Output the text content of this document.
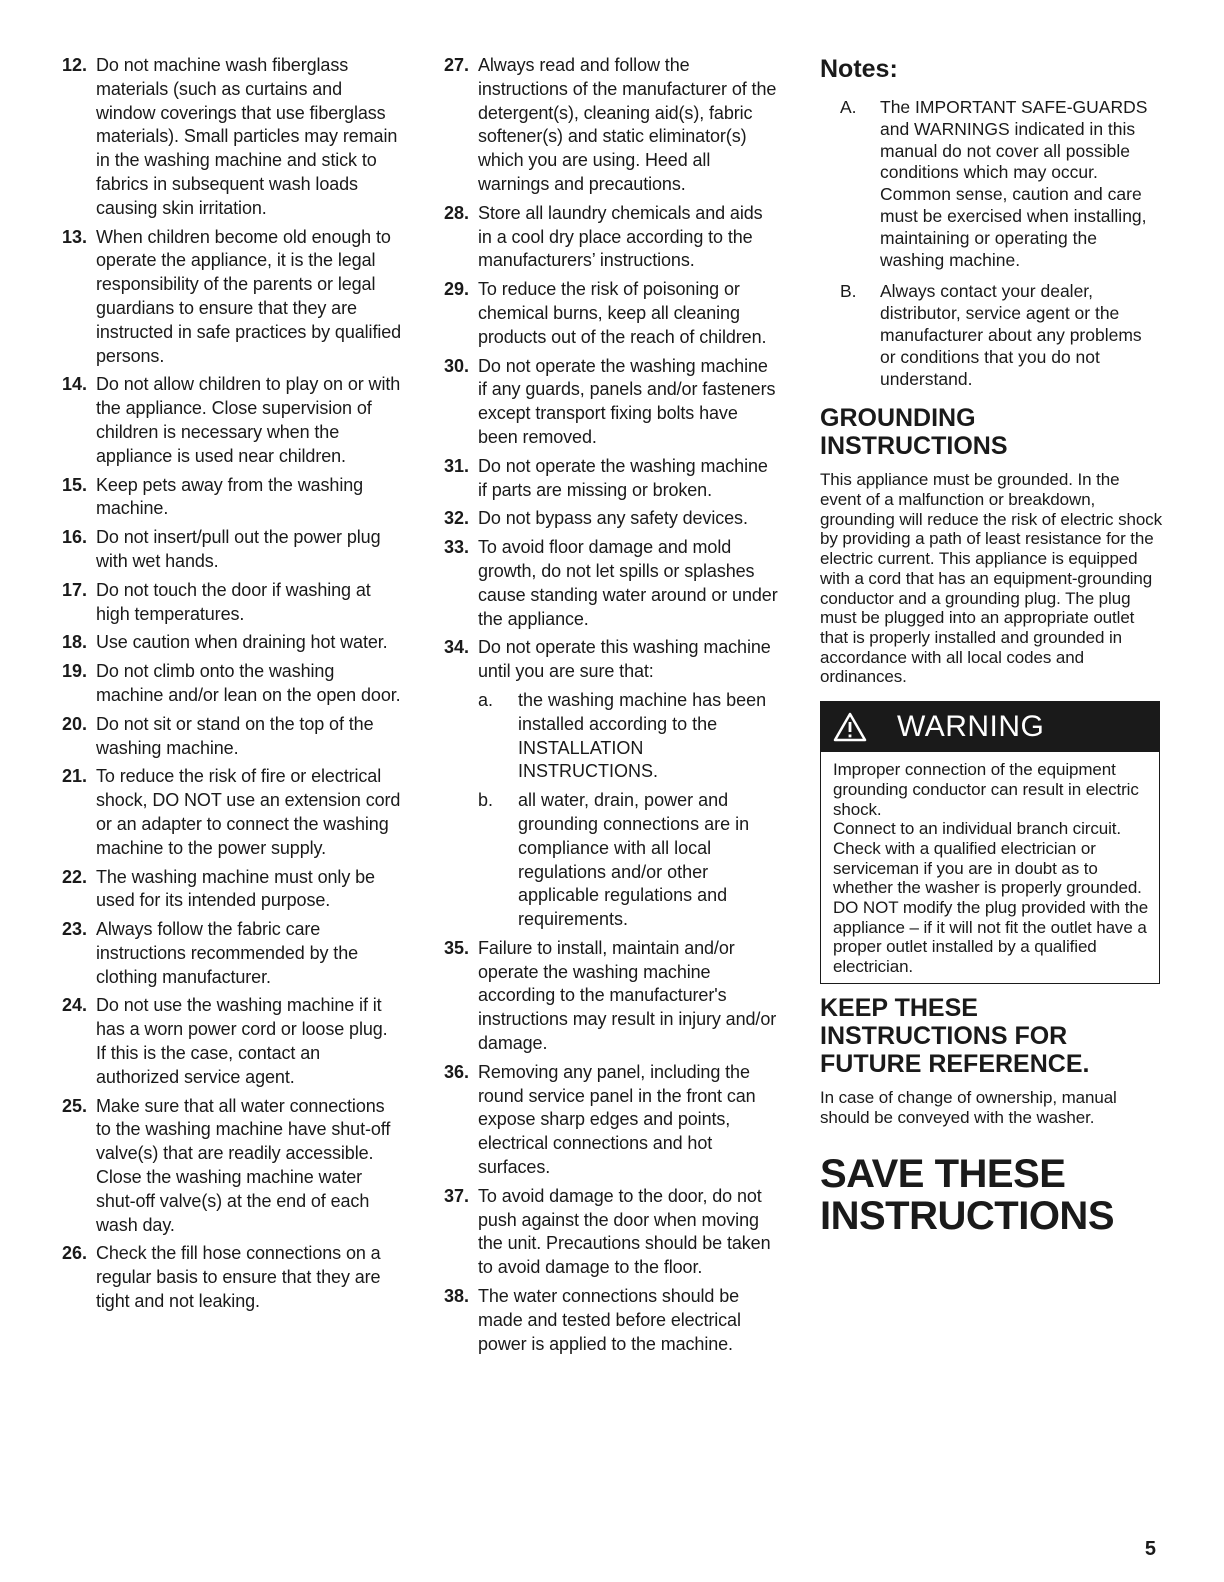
12. Do not machine wash fiberglass materials (such as curtains and window coverings that use fiberglass materials). Small particles may remain in the washing machine and stick to fabrics in subsequent wash loads causing skin irritation.
13. When children become old enough to operate the appliance, it is the legal responsibility of the parents or legal guardians to ensure that they are instructed in safe practices by qualified persons.
14. Do not allow children to play on or with the appliance. Close supervision of children is necessary when the appliance is used near children.
15. Keep pets away from the washing machine.
16. Do not insert/pull out the power plug with wet hands.
17. Do not touch the door if washing at high temperatures.
18. Use caution when draining hot water.
19. Do not climb onto the washing machine and/or lean on the open door.
20. Do not sit or stand on the top of the washing machine.
21. To reduce the risk of fire or electrical shock, DO NOT use an extension cord or an adapter to connect the washing machine to the power supply.
22. The washing machine must only be used for its intended purpose.
23. Always follow the fabric care instructions recommended by the clothing manufacturer.
24. Do not use the washing machine if it has a worn power cord or loose plug. If this is the case, contact an authorized service agent.
25. Make sure that all water connections to the washing machine have shut-off valve(s) that are readily accessible. Close the washing machine water shut-off valve(s) at the end of each wash day.
26. Check the fill hose connections on a regular basis to ensure that they are tight and not leaking.
27. Always read and follow the instructions of the manufacturer of the detergent(s), cleaning aid(s), fabric softener(s) and static eliminator(s) which you are using. Heed all warnings and precautions.
28. Store all laundry chemicals and aids in a cool dry place according to the manufacturers’ instructions.
29. To reduce the risk of poisoning or chemical burns, keep all cleaning products out of the reach of children.
30. Do not operate the washing machine if any guards, panels and/or fasteners except transport fixing bolts have been removed.
31. Do not operate the washing machine if parts are missing or broken.
32. Do not bypass any safety devices.
33. To avoid floor damage and mold growth, do not let spills or splashes cause standing water around or under the appliance.
34. Do not operate this washing machine until you are sure that:
a.	the washing machine has been installed according to the INSTALLATION INSTRUCTIONS.
b.	all water, drain, power and grounding connections are in compliance with all local regulations and/or other applicable regulations and requirements.
35. Failure to install, maintain and/or operate the washing machine according to the manufacturer's instructions may result in injury and/or damage.
36. Removing any panel, including the round service panel in the front can expose sharp edges and points, electrical connections and hot surfaces.
37. To avoid damage to the door, do not push against the door when moving the unit. Precautions should be taken to avoid damage to the floor.
38. The water connections should be made and tested before electrical power is applied to the machine.
Notes:
A.	The IMPORTANT SAFE-GUARDS and WARNINGS indicated in this manual do not cover all possible conditions which may occur. Common sense, caution and care must be exercised when installing, maintaining or operating the washing machine.
B.	Always contact your dealer, distributor, service agent or the manufacturer about any problems or conditions that you do not understand.
GROUNDING
INSTRUCTIONS
This appliance must be grounded. In the event of a malfunction or breakdown, grounding will reduce the risk of electric shock by providing a path of least resistance for the electric current. This appliance is equipped with a cord that has an equipment-grounding conductor and a grounding plug. The plug must be plugged into an appropriate outlet that is properly installed and grounded in accordance with all local codes and ordinances.
WARNING
Improper connection of the equipment grounding conductor can result in electric shock.
Connect to an individual branch circuit.
Check with a qualified electrician or serviceman if you are in doubt as to whether the washer is properly grounded.
DO NOT modify the plug provided with the appliance – if it will not fit the outlet have a proper outlet installed by a qualified electrician.
KEEP THESE
INSTRUCTIONS FOR
FUTURE REFERENCE.
In case of change of ownership, manual should be conveyed with the washer.
SAVE THESE
INSTRUCTIONS
5
